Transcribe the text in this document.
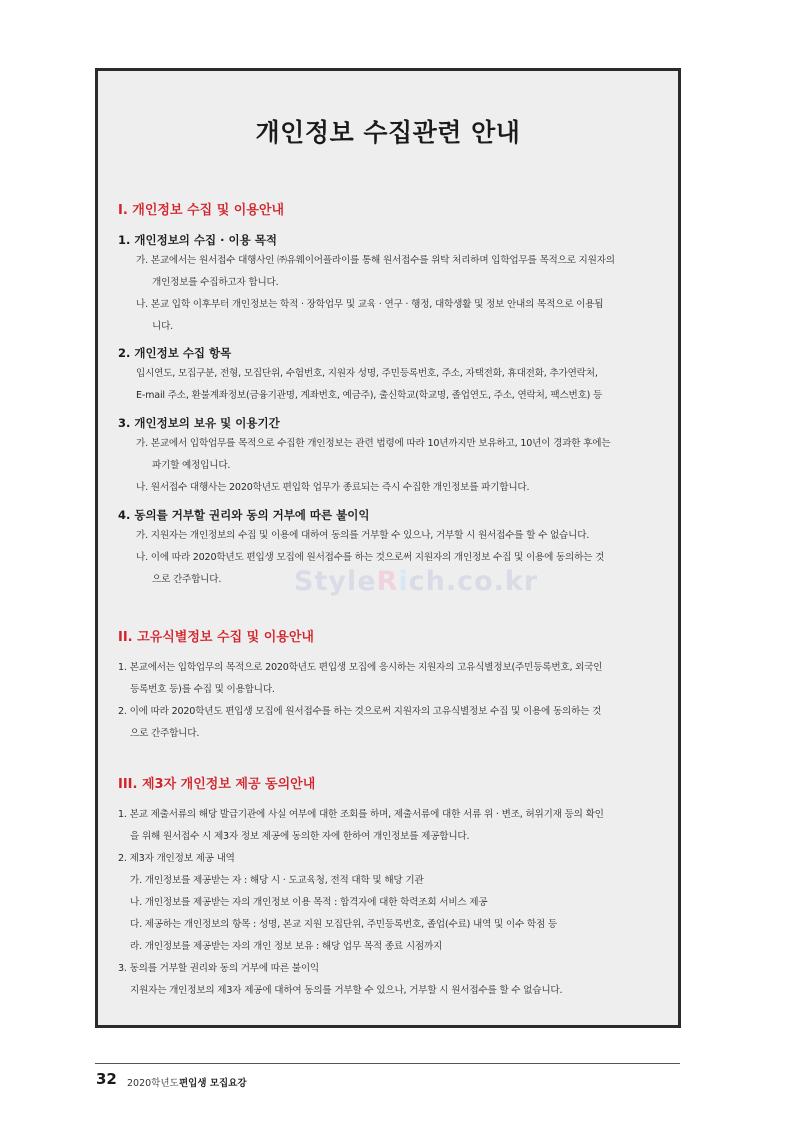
개인정보 수집관련 안내
I. 개인정보 수집 및 이용안내
1. 개인정보의 수집 · 이용 목적
가. 본교에서는 원서접수 대행사인 ㈜유웨이어플라이를 통해 원서접수를 위탁 처리하며 입학업무를 목적으로 지원자의
개인정보를 수집하고자 합니다.
나. 본교 입학 이후부터 개인정보는 학적 · 장학업무 및 교육 · 연구 · 행정, 대학생활 및 정보 안내의 목적으로 이용됩
니다.
2. 개인정보 수집 항목
입시연도, 모집구분, 전형, 모집단위, 수험번호, 지원자 성명, 주민등록번호, 주소, 자택전화, 휴대전화, 추가연락처,
E-mail 주소, 환불계좌정보(금융기관명, 계좌번호, 예금주), 출신학교(학교명, 졸업연도, 주소, 연락처, 팩스번호) 등
3. 개인정보의 보유 및 이용기간
가. 본교에서 입학업무를 목적으로 수집한 개인정보는 관련 법령에 따라 10년까지만 보유하고, 10년이 경과한 후에는
파기할 예정입니다.
나. 원서접수 대행사는 2020학년도 편입학 업무가 종료되는 즉시 수집한 개인정보를 파기합니다.
4. 동의를 거부할 권리와 동의 거부에 따른 불이익
가. 지원자는 개인정보의 수집 및 이용에 대하여 동의를 거부할 수 있으나, 거부할 시 원서접수를 할 수 없습니다.
나. 이에 따라 2020학년도 편입생 모집에 원서접수를 하는 것으로써 지원자의 개인정보 수집 및 이용에 동의하는 것
으로 간주합니다.	StyleRich.co.kr
II. 고유식별정보 수집 및 이용안내
1. 본교에서는 입학업무의 목적으로 2020학년도 편입생 모집에 응시하는 지원자의 고유식별정보(주민등록번호, 외국인
등록번호 등)를 수집 및 이용합니다.
2. 이에 따라 2020학년도 편입생 모집에 원서접수를 하는 것으로써 지원자의 고유식별정보 수집 및 이용에 동의하는 것
으로 간주합니다.
III. 제3자 개인정보 제공 동의안내
1. 본교 제출서류의 해당 발급기관에 사실 여부에 대한 조회를 하며, 제출서류에 대한 서류 위 · 변조, 허위기재 등의 확인
을 위해 원서접수 시 제3자 정보 제공에 동의한 자에 한하여 개인정보를 제공합니다.
2. 제3자 개인정보 제공 내역
가. 개인정보를 제공받는 자 : 해당 시 · 도교육청, 전적 대학 및 해당 기관
나. 개인정보를 제공받는 자의 개인정보 이용 목적 : 합격자에 대한 학력조회 서비스 제공
다. 제공하는 개인정보의 항목 : 성명, 본교 지원 모집단위, 주민등록번호, 졸업(수료) 내역 및 이수 학점 등
라. 개인정보를 제공받는 자의 개인 정보 보유 : 해당 업무 목적 종료 시점까지
3. 동의를 거부할 권리와 동의 거부에 따른 불이익
지원자는 개인정보의 제3자 제공에 대하여 동의를 거부할 수 있으나, 거부할 시 원서접수를 할 수 없습니다.
32 2020학년도 편입생 모집요강
